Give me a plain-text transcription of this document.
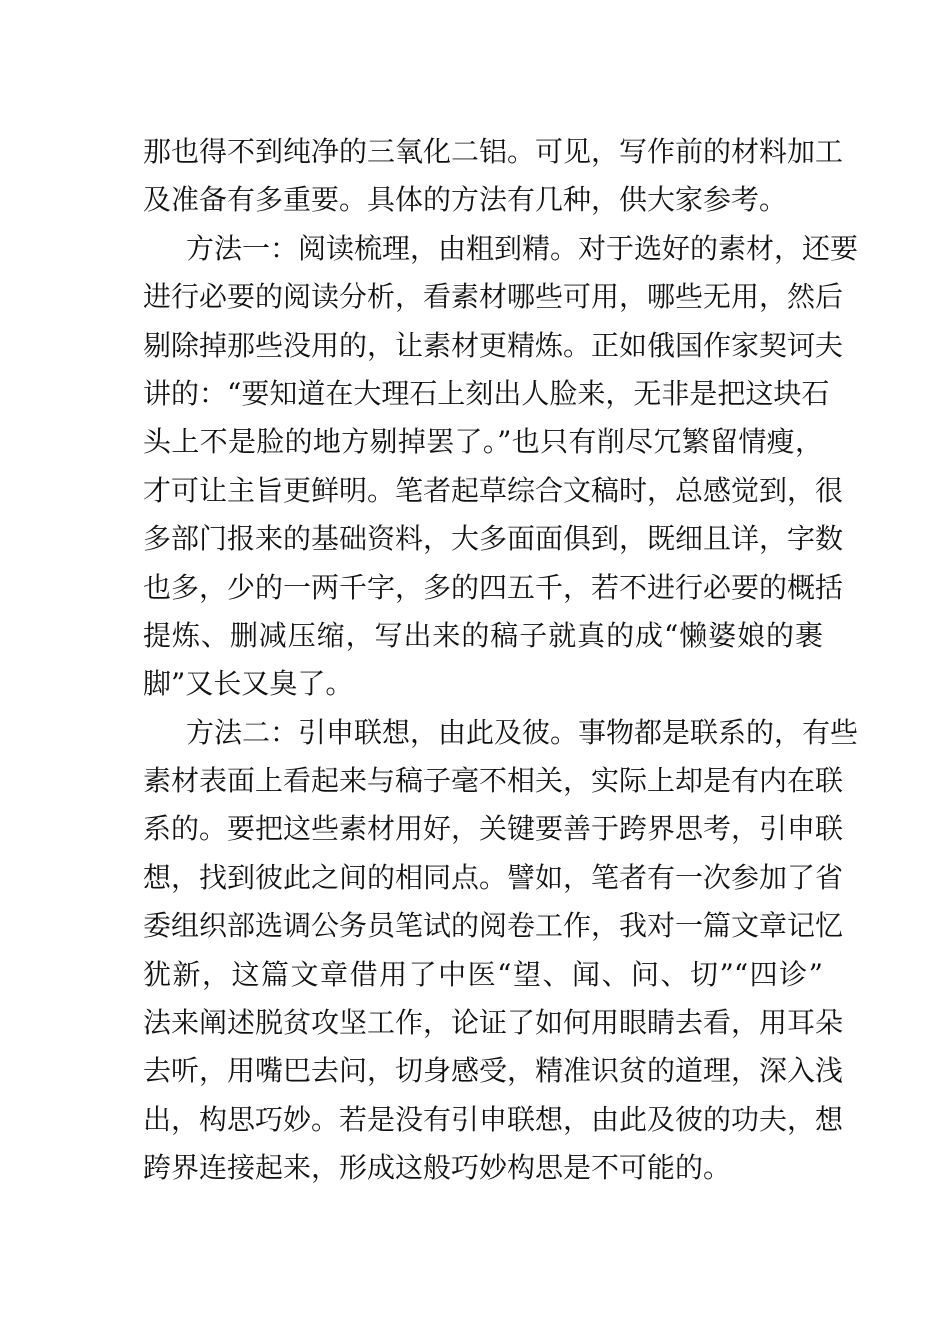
那也得不到纯净的三氧化二铝。可见，写作前的材料加工
及准备有多重要。具体的方法有几种，供大家参考。
方法一：阅读梳理，由粗到精。对于选好的素材，还要
进行必要的阅读分析，看素材哪些可用，哪些无用，然后
剔除掉那些没用的，让素材更精炼。正如俄国作家契诃夫
讲的：“要知道在大理石上刻出人脸来，无非是把这块石
头上不是脸的地方剔掉罢了。”也只有削尽冗繁留情瘦，
才可让主旨更鲜明。笔者起草综合文稿时，总感觉到，很
多部门报来的基础资料，大多面面俱到，既细且详，字数
也多，少的一两千字，多的四五千，若不进行必要的概括
提炼、删减压缩，写出来的稿子就真的成“懒婆娘的裹
脚”又长又臭了。
方法二：引申联想，由此及彼。事物都是联系的，有些
素材表面上看起来与稿子毫不相关，实际上却是有内在联
系的。要把这些素材用好，关键要善于跨界思考，引申联
想，找到彼此之间的相同点。譬如，笔者有一次参加了省
委组织部选调公务员笔试的阅卷工作，我对一篇文章记忆
犹新，这篇文章借用了中医“望、闻、问、切”“四诊”
法来阐述脱贫攻坚工作，论证了如何用眼睛去看，用耳朵
去听，用嘴巴去问，切身感受，精准识贫的道理，深入浅
出，构思巧妙。若是没有引申联想，由此及彼的功夫，想
跨界连接起来，形成这般巧妙构思是不可能的。
